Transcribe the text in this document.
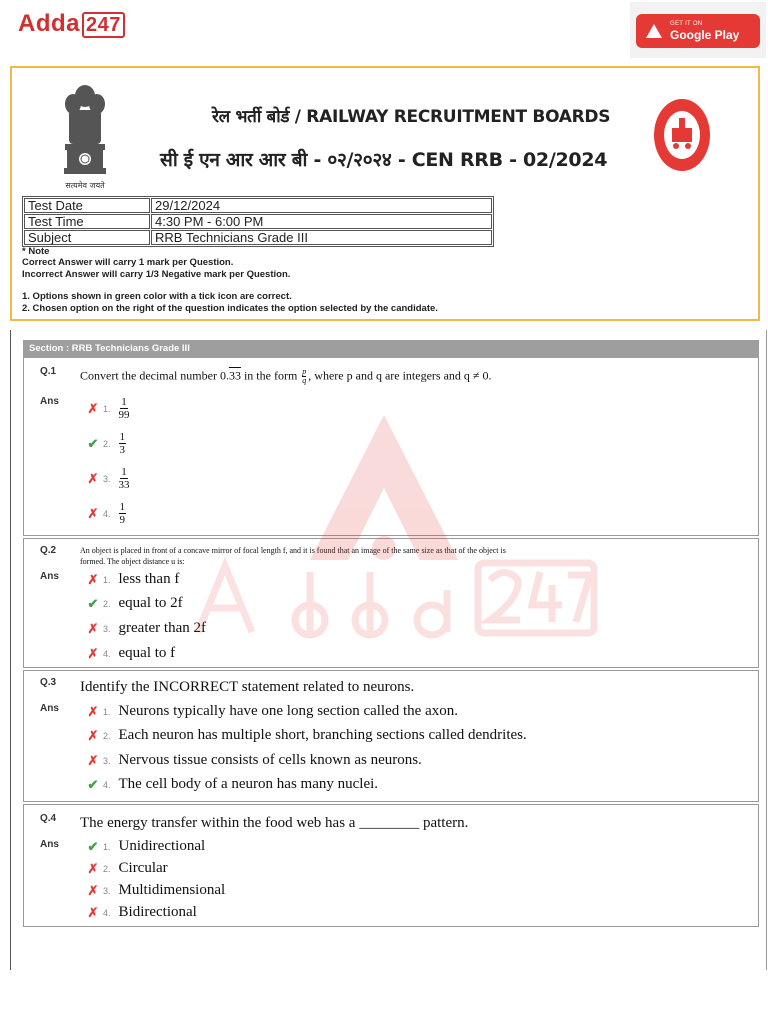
Adda 247	GET IT ON
Google Play
सत्यमेव जयते
रेल भर्ती बोर्ड / RAILWAY RECRUITMENT BOARDS
सी ई एन आर आर बी - ०२/२०२४ - CEN RRB - 02/2024
Test Date	29/12/2024
Test Time	4:30 PM - 6:00 PM
Subject	RRB Technicians Grade III
* Note
Correct Answer will carry 1 mark per Question.
Incorrect Answer will carry 1/3 Negative mark per Question.
1. Options shown in green color with a tick icon are correct.
2. Chosen option on the right of the question indicates the option selected by the candidate.
Section : RRB Technicians Grade III
Q.1 Convert the decimal number 0.33 in the form $\frac{p}{q}$ , where p and q are integers and q ≠ 0.
Ans ✗ 1. $\frac{1}{99}$
✔ 2. $\frac{1}{3}$
✗ 3. $\frac{1}{33}$
✗ 4. $\frac{1}{9}$
Q.2	An object is placed in front of a concave mirror of focal length f, and it is found that an image of the same size as that of the object is
formed. The object distance u is:
Ans ✗ 1. less than f
✔ 2. equal to 2f
✗ 3. greater than 2f
✗ 4. equal to f
Q.3 Identify the INCORRECT statement related to neurons.
Ans ✗ 1. Neurons typically have one long section called the axon.
✗ 2. Each neuron has multiple short, branching sections called dendrites.
✗ 3. Nervous tissue consists of cells known as neurons.
✔ 4. The cell body of a neuron has many nuclei.
Q.4 The energy transfer within the food web has a ________ pattern.
Ans ✔ 1. Unidirectional
✗ 2. Circular
✗ 3. Multidimensional
✗ 4. Bidirectional
